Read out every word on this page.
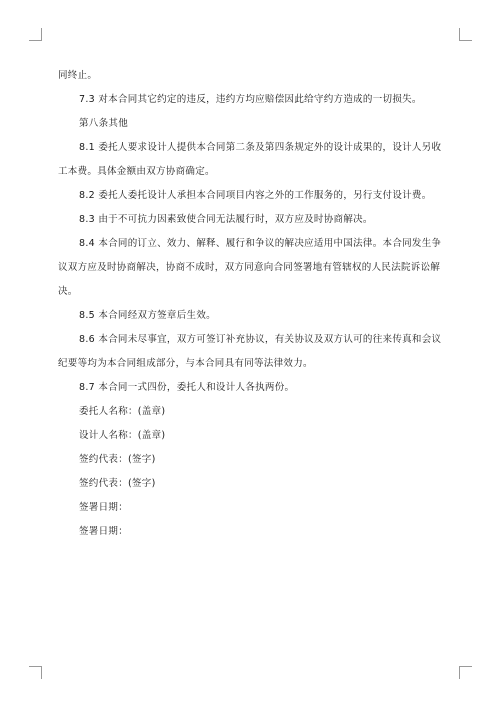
同终止。

7.3 对本合同其它约定的违反，违约方均应赔偿因此给守约方造成的一切损失。

第八条其他

8.1 委托人要求设计人提供本合同第二条及第四条规定外的设计成果的，设计人另收工本费。具体金额由双方协商确定。

8.2 委托人委托设计人承担本合同项目内容之外的工作服务的，另行支付设计费。

8.3 由于不可抗力因素致使合同无法履行时，双方应及时协商解决。

8.4 本合同的订立、效力、解释、履行和争议的解决应适用中国法律。本合同发生争议双方应及时协商解决，协商不成时，双方同意向合同签署地有管辖权的人民法院诉讼解决。

8.5 本合同经双方签章后生效。

8.6 本合同未尽事宜，双方可签订补充协议，有关协议及双方认可的往来传真和会议纪要等均为本合同组成部分，与本合同具有同等法律效力。

8.7 本合同一式四份，委托人和设计人各执两份。

委托人名称：(盖章)

设计人名称：(盖章)

签约代表：(签字)

签约代表：(签字)

签署日期：

签署日期：
